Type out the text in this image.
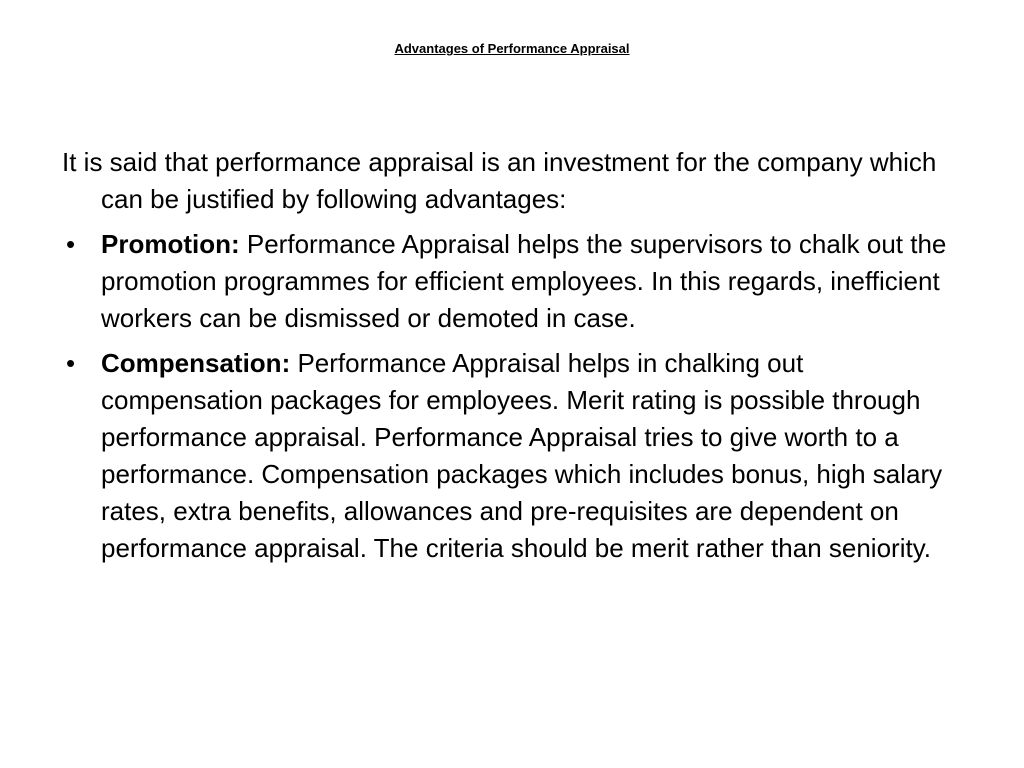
Advantages of Performance Appraisal

It is said that performance appraisal is an investment for the company which can be justified by following advantages:

• Promotion: Performance Appraisal helps the supervisors to chalk out the promotion programmes for efficient employees. In this regards, inefficient workers can be dismissed or demoted in case.

• Compensation: Performance Appraisal helps in chalking out compensation packages for employees. Merit rating is possible through performance appraisal. Performance Appraisal tries to give worth to a performance. Compensation packages which includes bonus, high salary rates, extra benefits, allowances and pre-requisites are dependent on performance appraisal. The criteria should be merit rather than seniority.
